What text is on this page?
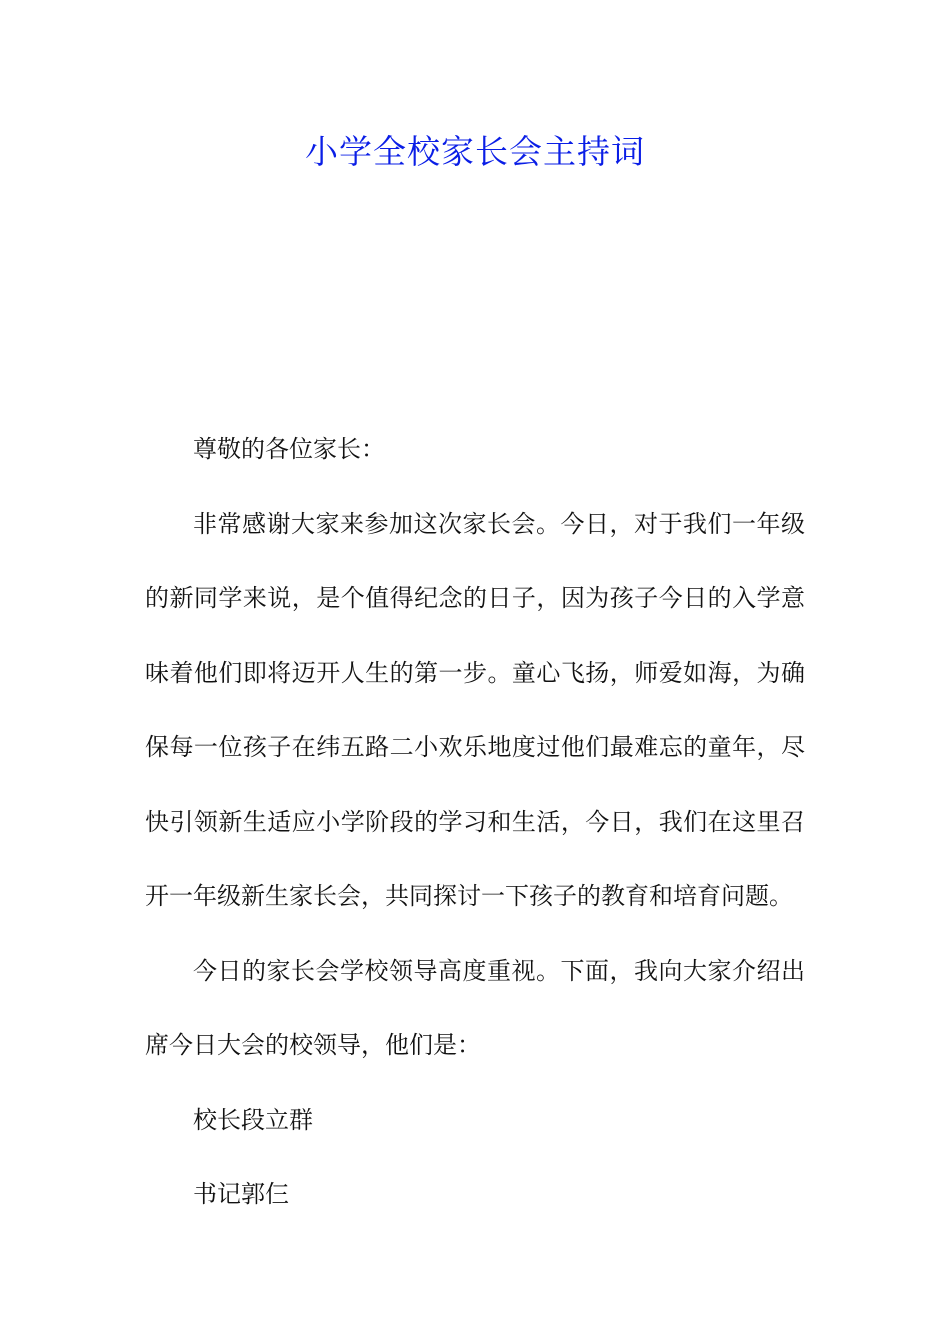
小学全校家长会主持词

尊敬的各位家长：

非常感谢大家来参加这次家长会。今日，对于我们一年级的新同学来说，是个值得纪念的日子，因为孩子今日的入学意味着他们即将迈开人生的第一步。童心飞扬，师爱如海，为确保每一位孩子在纬五路二小欢乐地度过他们最难忘的童年，尽快引领新生适应小学阶段的学习和生活，今日，我们在这里召开一年级新生家长会，共同探讨一下孩子的教育和培育问题。

今日的家长会学校领导高度重视。下面，我向大家介绍出席今日大会的校领导，他们是：

校长段立群

书记郭仨
